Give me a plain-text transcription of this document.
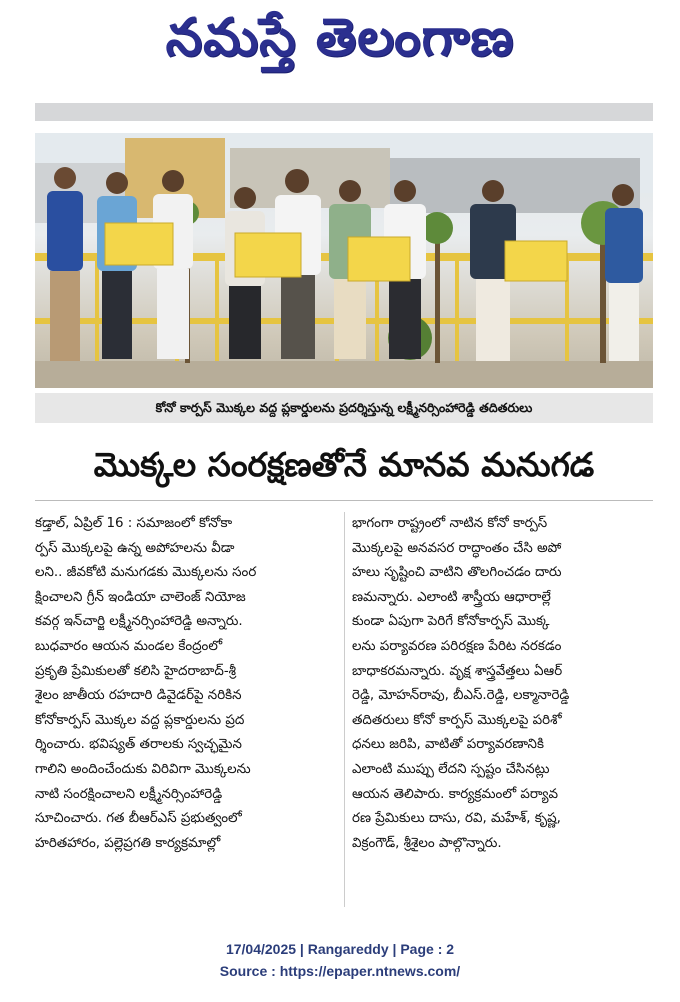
నమస్తే తెలంగాణ
కోనో కార్పస్ మొక్కల వద్ద ప్లకార్డులను ప్రదర్శిస్తున్న లక్ష్మీనర్సింహారెడ్డి తదితరులు
మొక్కల సంరక్షణతోనే మానవ మనుగడ
కడ్తాల్, ఏప్రిల్ 16 : సమాజంలో కోనోకా
ర్పస్ మొక్కలపై ఉన్న అపోహలను వీడా
లని.. జీవకోటి మనుగడకు మొక్కలను సంర
క్షించాలని గ్రీన్ ఇండియా చాలెంజ్ నియోజ
కవర్గ ఇన్‌చార్జి లక్ష్మీనర్సింహారెడ్డి అన్నారు.
బుధవారం ఆయన మండల కేంద్రంలో
ప్రకృతి ప్రేమికులతో కలిసి హైదరాబాద్-శ్రీ
శైలం జాతీయ రహదారి డివైడర్‌పై నరికిన
కోనోకార్పస్ మొక్కల వద్ద ప్లకార్డులను ప్రద
ర్శించారు. భవిష్యత్ తరాలకు స్వచ్ఛమైన
గాలిని అందించేందుకు విరివిగా మొక్కలను
నాటి సంరక్షించాలని లక్ష్మీనర్సింహారెడ్డి
సూచించారు. గత బీఆర్‌ఎస్ ప్రభుత్వంలో
హరితహారం, పల్లెప్రగతి కార్యక్రమాల్లో
భాగంగా రాష్ట్రంలో నాటిన కోనో కార్పస్
మొక్కలపై అనవసర రాద్ధాంతం చేసి అపో
హలు సృష్టించి వాటిని తొలగించడం దారు
ణమన్నారు. ఎలాంటి శాస్త్రీయ ఆధారాల్లే
కుండా ఏపుగా పెరిగే కోనోకార్పస్ మొక్క
లను పర్యావరణ పరిరక్షణ పేరిట నరకడం
బాధాకరమన్నారు. వృక్ష శాస్త్రవేత్తలు ఏఆర్
రెడ్డి, మోహన్‌రావు, బీఎస్.రెడ్డి, లక్మానారెడ్డి
తదితరులు కోనో కార్పస్ మొక్కలపై పరిశో
ధనలు జరిపి, వాటితో పర్యావరణానికి
ఎలాంటి ముప్పు లేదని స్పష్టం చేసినట్లు
ఆయన తెలిపారు. కార్యక్రమంలో పర్యావ
రణ ప్రేమికులు దాసు, రవి, మహేశ్, కృష్ణ,
విక్రంగౌడ్, శ్రీశైలం పాల్గొన్నారు.
17/04/2025 | Rangareddy | Page : 2
Source : https://epaper.ntnews.com/
